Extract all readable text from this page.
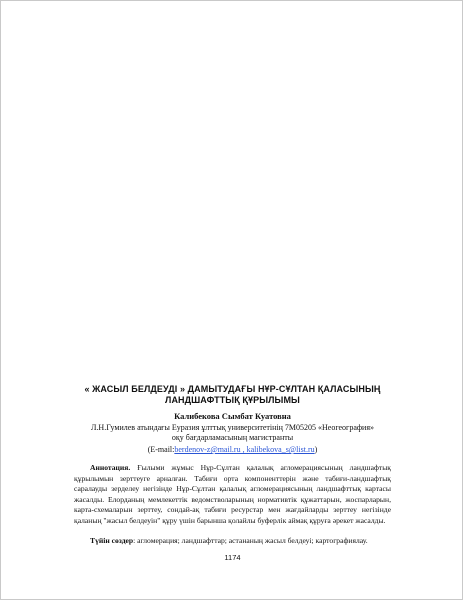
« ЖАСЫЛ БЕЛДЕУДІ » ДАМЫТУДАҒЫ НҰР-СҰЛТАН ҚАЛАСЫНЫҢ
ЛАНДШАФТТЫҚ ҚҰРЫЛЫМЫ
Калибекова Сымбат Куатовна
Л.Н.Гумилев атындағы Еуразия ұлттық университетінің 7М05205 «Неогеография»
оқу бағдарламасының магистранты
(E-mail:berdenov-z@mail.ru , kalibekova_s@list.ru)

Аннотация. Ғылыми жұмыс Нұр-Сұлтан қалалық агломерациясының ландшафтық құрылымын зерттеуге арналған. Табиғи орта компоненттерін және табиғи-ландшафтық саралауды зерделеу негізінде Нұр-Сұлтан қалалық агломерациясының ландшафттық картасы жасалды. Елорданың мемлекеттік ведомстволарының нормативтік құжаттарын, жоспарларын, карта-схемаларын зерттеу, сондай-ақ табиғи ресурстар мен жағдайларды зерттеу негізінде қаланың "жасыл белдеуін" құру үшін барынша қолайлы буферлік аймақ құруға әрекет жасалды.

Түйін сөздер: агломерация; ландшафттар; астананың жасыл белдеуі; картографиялау.
1174
